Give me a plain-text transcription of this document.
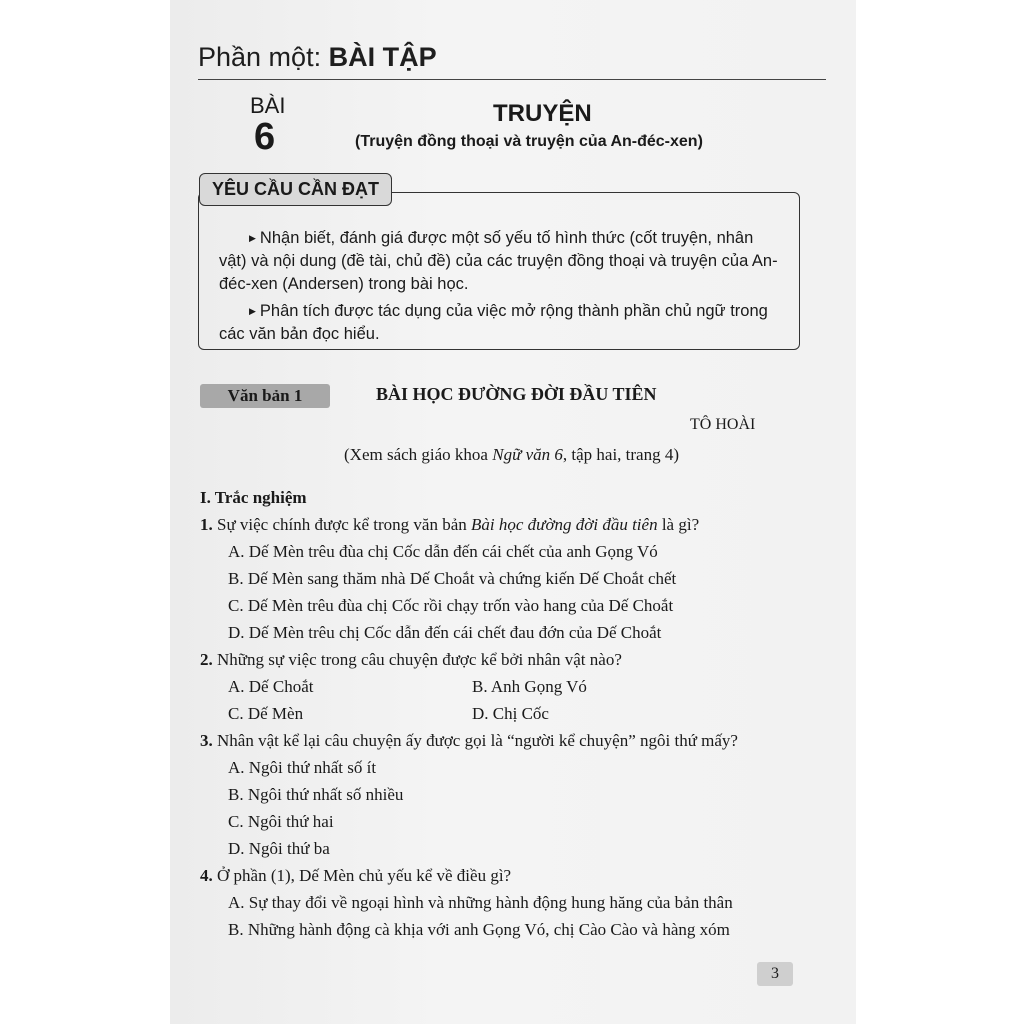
Phần một: BÀI TẬP
BÀI
6
TRUYỆN
(Truyện đồng thoại và truyện của An-đéc-xen)
YÊU CẦU CẦN ĐẠT

▶ Nhận biết, đánh giá được một số yếu tố hình thức (cốt truyện, nhân vật) và nội dung (đề tài, chủ đề) của các truyện đồng thoại và truyện của An-đéc-xen (Andersen) trong bài học.

▶ Phân tích được tác dụng của việc mở rộng thành phần chủ ngữ trong các văn bản đọc hiểu.

Văn bản 1	BÀI HỌC ĐƯỜNG ĐỜI ĐẦU TIÊN
TÔ HOÀI
(Xem sách giáo khoa Ngữ văn 6, tập hai, trang 4)
I. Trắc nghiệm
1. Sự việc chính được kể trong văn bản Bài học đường đời đầu tiên là gì?
A. Dế Mèn trêu đùa chị Cốc dẫn đến cái chết của anh Gọng Vó
B. Dế Mèn sang thăm nhà Dế Choắt và chứng kiến Dế Choắt chết
C. Dế Mèn trêu đùa chị Cốc rồi chạy trốn vào hang của Dế Choắt
D. Dế Mèn trêu chị Cốc dẫn đến cái chết đau đớn của Dế Choắt
2. Những sự việc trong câu chuyện được kể bởi nhân vật nào?
A. Dế Choắt	B. Anh Gọng Vó
C. Dế Mèn	D. Chị Cốc
3. Nhân vật kể lại câu chuyện ấy được gọi là “người kể chuyện” ngôi thứ mấy?
A. Ngôi thứ nhất số ít
B. Ngôi thứ nhất số nhiều
C. Ngôi thứ hai
D. Ngôi thứ ba
4. Ở phần (1), Dế Mèn chủ yếu kể về điều gì?
A. Sự thay đổi về ngoại hình và những hành động hung hăng của bản thân
B. Những hành động cà khịa với anh Gọng Vó, chị Cào Cào và hàng xóm
3
